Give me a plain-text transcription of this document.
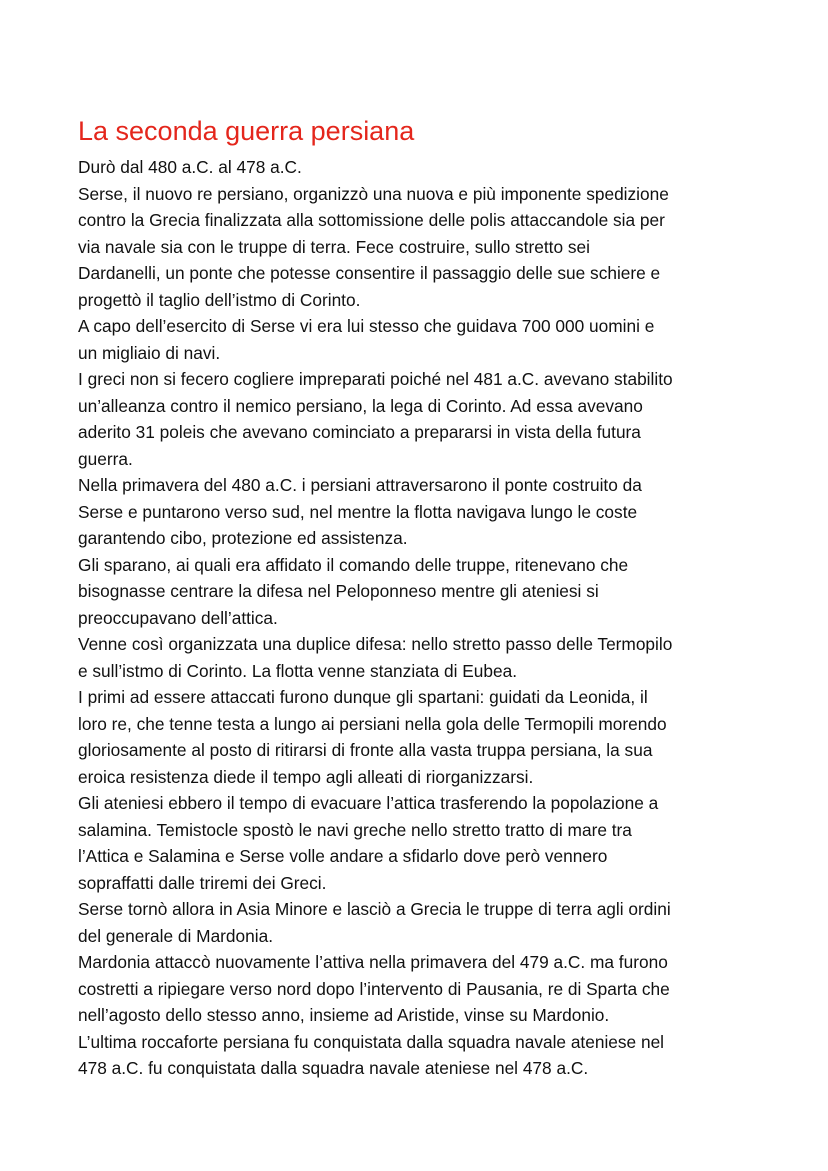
La seconda guerra persiana

Durò dal 480 a.C. al 478 a.C.

Serse, il nuovo re persiano, organizzò una nuova e più imponente spedizione

contro la Grecia finalizzata alla sottomissione delle polis attaccandole sia per

via navale sia con le truppe di terra. Fece costruire, sullo stretto sei

Dardanelli, un ponte che potesse consentire il passaggio delle sue schiere e

progettò il taglio dell’istmo di Corinto.

A capo dell’esercito di Serse vi era lui stesso che guidava 700 000 uomini e

un migliaio di navi.

I greci non si fecero cogliere impreparati poiché nel 481 a.C. avevano stabilito

un’alleanza contro il nemico persiano, la lega di Corinto. Ad essa avevano

aderito 31 poleis che avevano cominciato a prepararsi in vista della futura

guerra.

Nella primavera del 480 a.C. i persiani attraversarono il ponte costruito da

Serse e puntarono verso sud, nel mentre la flotta navigava lungo le coste

garantendo cibo, protezione ed assistenza.

Gli sparano, ai quali era affidato il comando delle truppe, ritenevano che

bisognasse centrare la difesa nel Peloponneso mentre gli ateniesi si

preoccupavano dell’attica.

Venne così organizzata una duplice difesa: nello stretto passo delle Termopilo

e sull’istmo di Corinto. La flotta venne stanziata di Eubea.

I primi ad essere attaccati furono dunque gli spartani: guidati da Leonida, il

loro re, che tenne testa a lungo ai persiani nella gola delle Termopili morendo

gloriosamente al posto di ritirarsi di fronte alla vasta truppa persiana, la sua

eroica resistenza diede il tempo agli alleati di riorganizzarsi.

Gli ateniesi ebbero il tempo di evacuare l’attica trasferendo la popolazione a

salamina. Temistocle spostò le navi greche nello stretto tratto di mare tra

l’Attica e Salamina e Serse volle andare a sfidarlo dove però vennero

sopraffatti dalle triremi dei Greci.

Serse tornò allora in Asia Minore e lasciò a Grecia le truppe di terra agli ordini

del generale di Mardonia.

Mardonia attaccò nuovamente l’attiva nella primavera del 479 a.C. ma furono

costretti a ripiegare verso nord dopo l’intervento di Pausania, re di Sparta che

nell’agosto dello stesso anno, insieme ad Aristide, vinse su Mardonio.

L’ultima roccaforte persiana fu conquistata dalla squadra navale ateniese nel

478 a.C. fu conquistata dalla squadra navale ateniese nel 478 a.C.
